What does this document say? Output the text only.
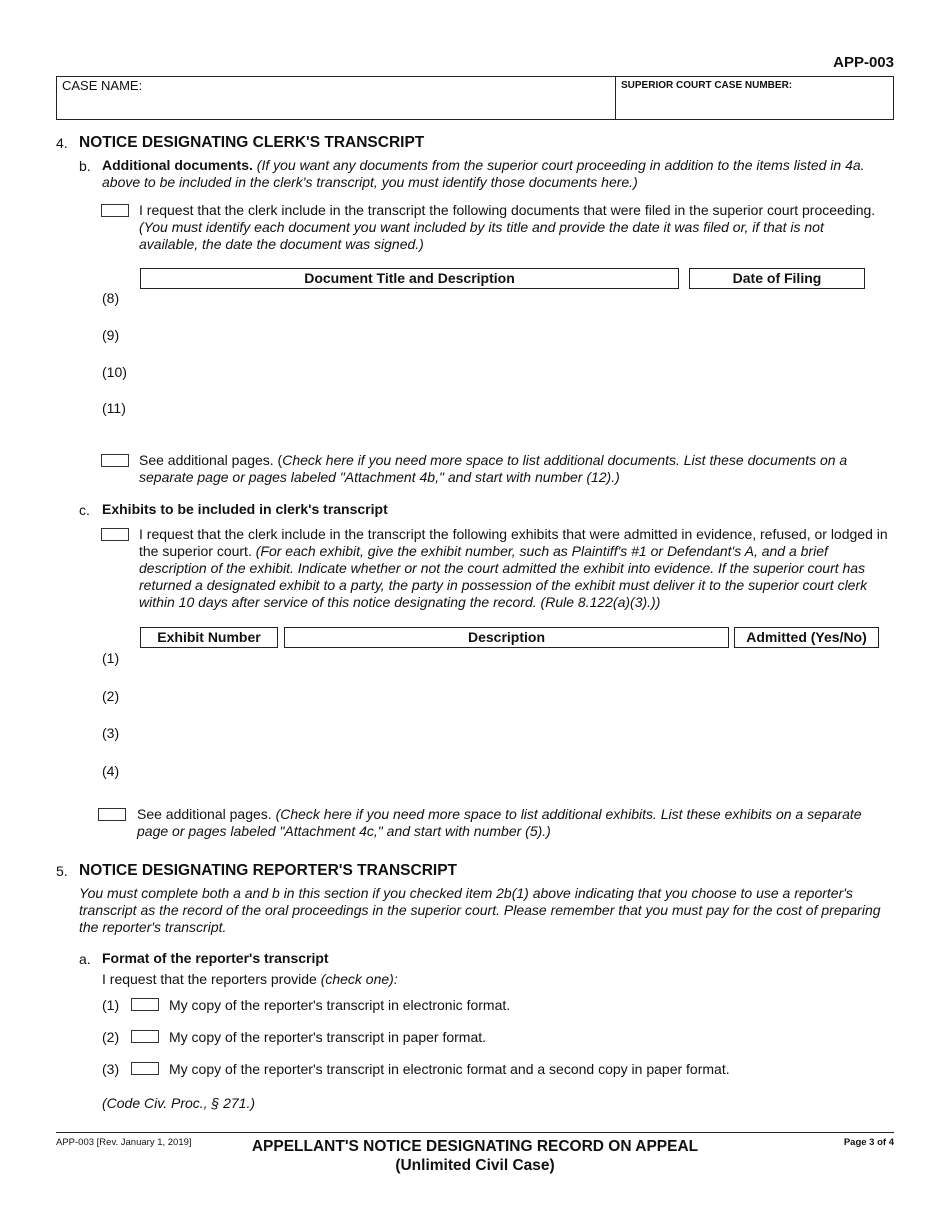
APP-003
CASE NAME:	SUPERIOR COURT CASE NUMBER:
4. NOTICE DESIGNATING CLERK'S TRANSCRIPT
b. Additional documents. (If you want any documents from the superior court proceeding in addition to the items listed in 4a.
above to be included in the clerk's transcript, you must identify those documents here.)
I request that the clerk include in the transcript the following documents that were filed in the superior court proceeding.
(You must identify each document you want included by its title and provide the date it was filed or, if that is not
available, the date the document was signed.)
Document Title and Description	Date of Filing
(8)
(9)
(10)
(11)
See additional pages. (Check here if you need more space to list additional documents. List these documents on a
separate page or pages labeled "Attachment 4b," and start with number (12).)
c. Exhibits to be included in clerk's transcript
I request that the clerk include in the transcript the following exhibits that were admitted in evidence, refused, or lodged in
the superior court. (For each exhibit, give the exhibit number, such as Plaintiff's #1 or Defendant's A, and a brief
description of the exhibit. Indicate whether or not the court admitted the exhibit into evidence. If the superior court has
returned a designated exhibit to a party, the party in possession of the exhibit must deliver it to the superior court clerk
within 10 days after service of this notice designating the record. (Rule 8.122(a)(3).))
Exhibit Number	Description	Admitted (Yes/No)
(1)
(2)
(3)
(4)
See additional pages. (Check here if you need more space to list additional exhibits. List these exhibits on a separate
page or pages labeled "Attachment 4c," and start with number (5).)
5. NOTICE DESIGNATING REPORTER'S TRANSCRIPT
You must complete both a and b in this section if you checked item 2b(1) above indicating that you choose to use a reporter's
transcript as the record of the oral proceedings in the superior court. Please remember that you must pay for the cost of preparing
the reporter's transcript.
a. Format of the reporter's transcript
I request that the reporters provide (check one):
(1)	My copy of the reporter's transcript in electronic format.
(2)	My copy of the reporter's transcript in paper format.
(3)	My copy of the reporter's transcript in electronic format and a second copy in paper format.
(Code Civ. Proc., § 271.)
APP-003 [Rev. January 1, 2019]	APPELLANT'S NOTICE DESIGNATING RECORD ON APPEAL
(Unlimited Civil Case)
Page 3 of 4
